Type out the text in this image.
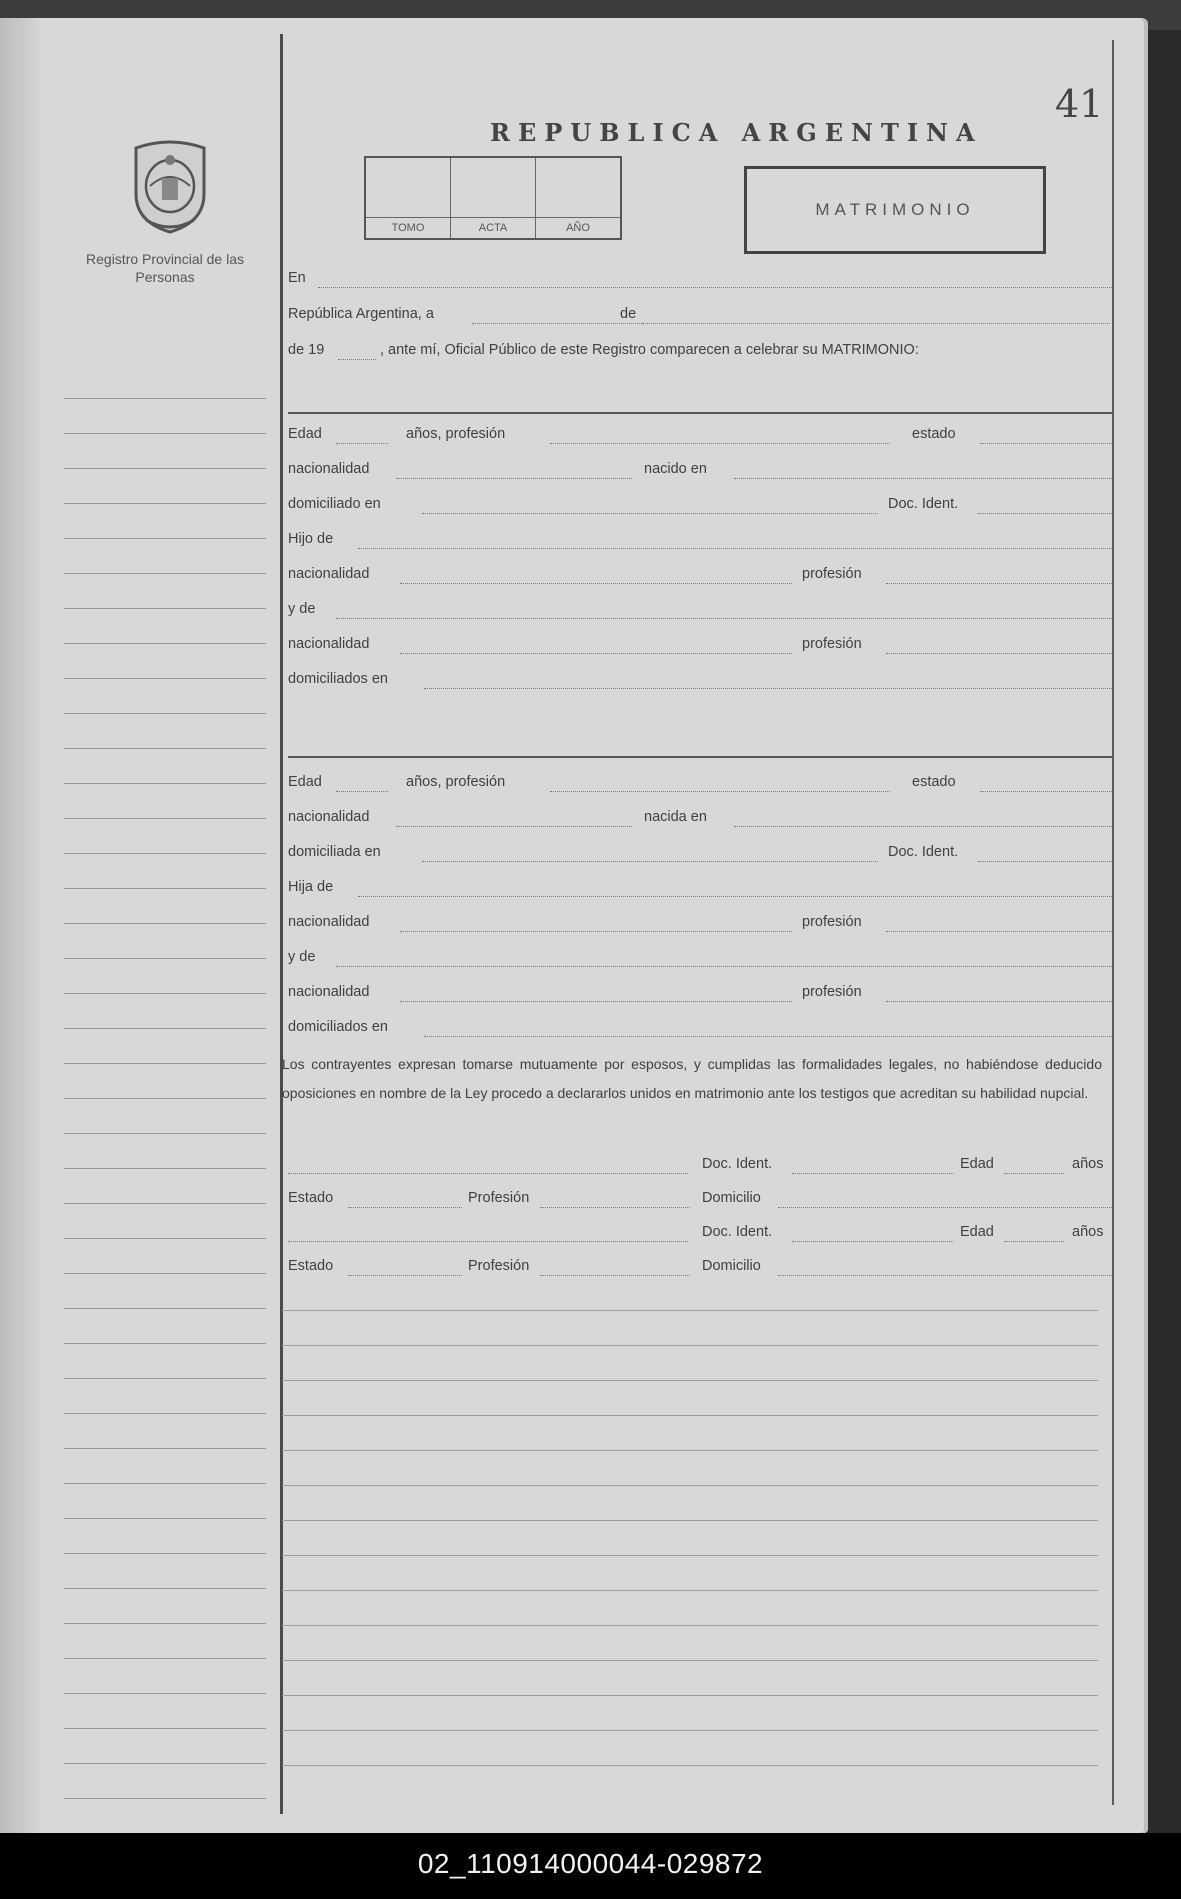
41
Registro Provincial de las Personas
REPUBLICA ARGENTINA
TOMO	ACTA	AÑO
MATRIMONIO
En
República Argentina, a	de
de 19	, ante mí, Oficial Público de este Registro comparecen a celebrar su MATRIMONIO:
Edad	años, profesión	estado
nacionalidad	nacido en
domiciliado en	Doc. Ident.
Hijo de
nacionalidad	profesión
y de
nacionalidad	profesión
domiciliados en
Edad	años, profesión	estado
nacionalidad	nacida en
domiciliada en	Doc. Ident.
Hija de
nacionalidad	profesión
y de
nacionalidad	profesión
domiciliados en
Los contrayentes expresan tomarse mutuamente por esposos, y cumplidas las formalidades legales, no habiéndose deducido oposiciones en nombre de la Ley procedo a declararlos unidos en matrimonio ante los testigos que acreditan su habilidad nupcial.
Doc. Ident.	Edad	años
Estado	Profesión	Domicilio
Doc. Ident.	Edad	años
Estado	Profesión	Domicilio
02_110914000044-029872
